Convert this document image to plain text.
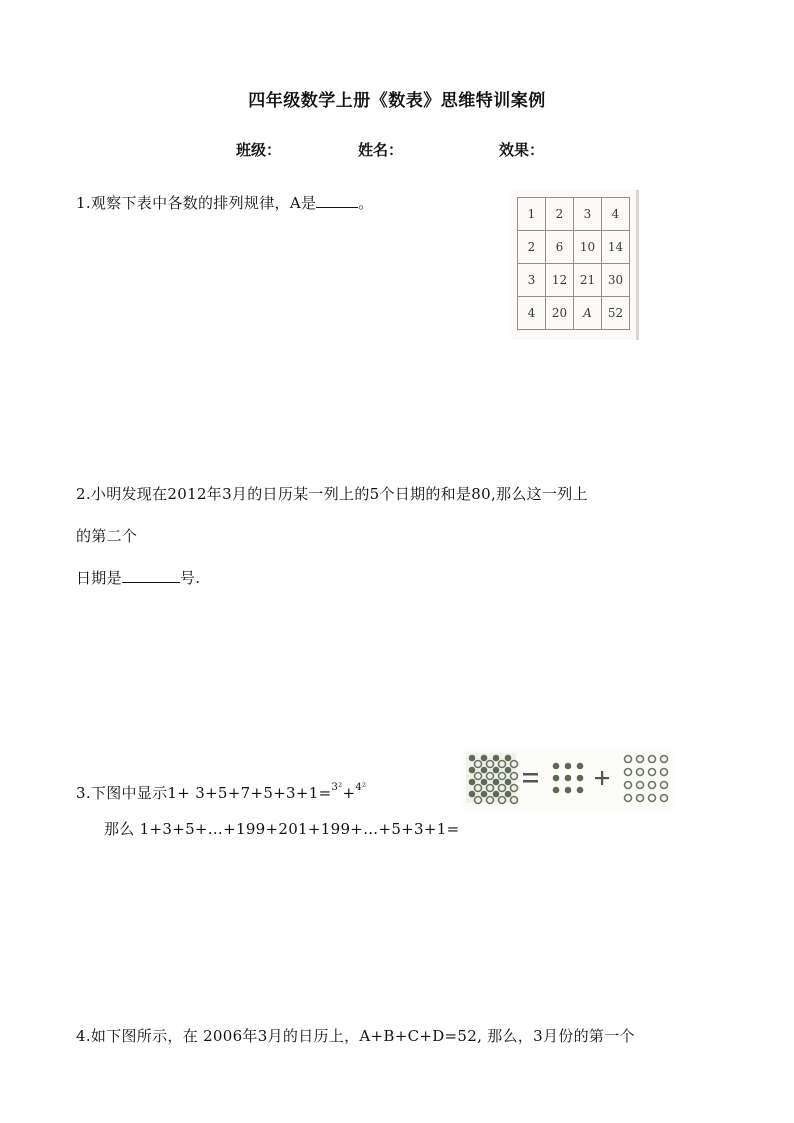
四年级数学上册《数表》思维特训案例
班级：	姓名：	效果：
1.观察下表中各数的排列规律，A是	。
1	2	3	4
2	6	10	14
3	12	21	30
4	20	A	52
2.小明发现在2012年3月的日历某一列上的5个日期的和是80,那么这一列上
的第二个
日期是	号.
3.下图中显示1+ 3+5+7+5+3+1=$^{3^2}$+$^{4^2}$
那么 1+3+5+…+199+201+199+…+5+3+1=
4.如下图所示，在 2006年3月的日历上，A+B+C+D=52, 那么，3月份的第一个
